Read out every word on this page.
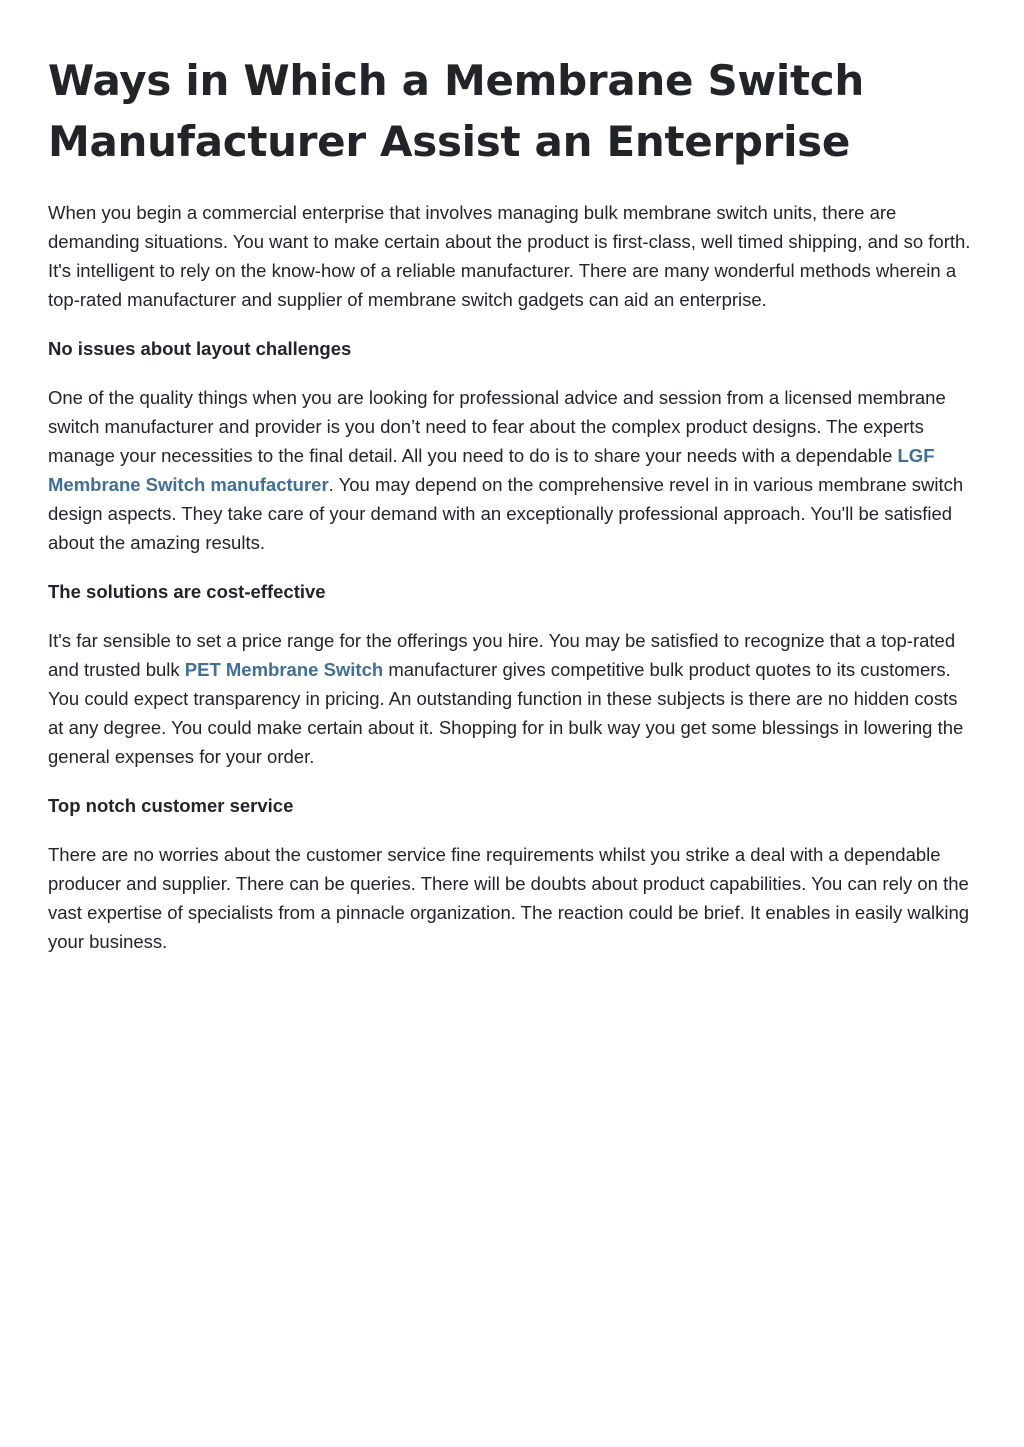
Ways in Which a Membrane Switch Manufacturer Assist an Enterprise

When you begin a commercial enterprise that involves managing bulk membrane switch units, there are demanding situations. You want to make certain about the product is first-class, well timed shipping, and so forth. It's intelligent to rely on the know-how of a reliable manufacturer. There are many wonderful methods wherein a top-rated manufacturer and supplier of membrane switch gadgets can aid an enterprise.

No issues about layout challenges

One of the quality things when you are looking for professional advice and session from a licensed membrane switch manufacturer and provider is you don’t need to fear about the complex product designs. The experts manage your necessities to the final detail. All you need to do is to share your needs with a dependable LGF Membrane Switch manufacturer. You may depend on the comprehensive revel in in various membrane switch design aspects. They take care of your demand with an exceptionally professional approach. You'll be satisfied about the amazing results.

The solutions are cost-effective

It's far sensible to set a price range for the offerings you hire. You may be satisfied to recognize that a top-rated and trusted bulk PET Membrane Switch manufacturer gives competitive bulk product quotes to its customers. You could expect transparency in pricing. An outstanding function in these subjects is there are no hidden costs at any degree. You could make certain about it. Shopping for in bulk way you get some blessings in lowering the general expenses for your order.

Top notch customer service

There are no worries about the customer service fine requirements whilst you strike a deal with a dependable producer and supplier. There can be queries. There will be doubts about product capabilities. You can rely on the vast expertise of specialists from a pinnacle organization. The reaction could be brief. It enables in easily walking your business.
